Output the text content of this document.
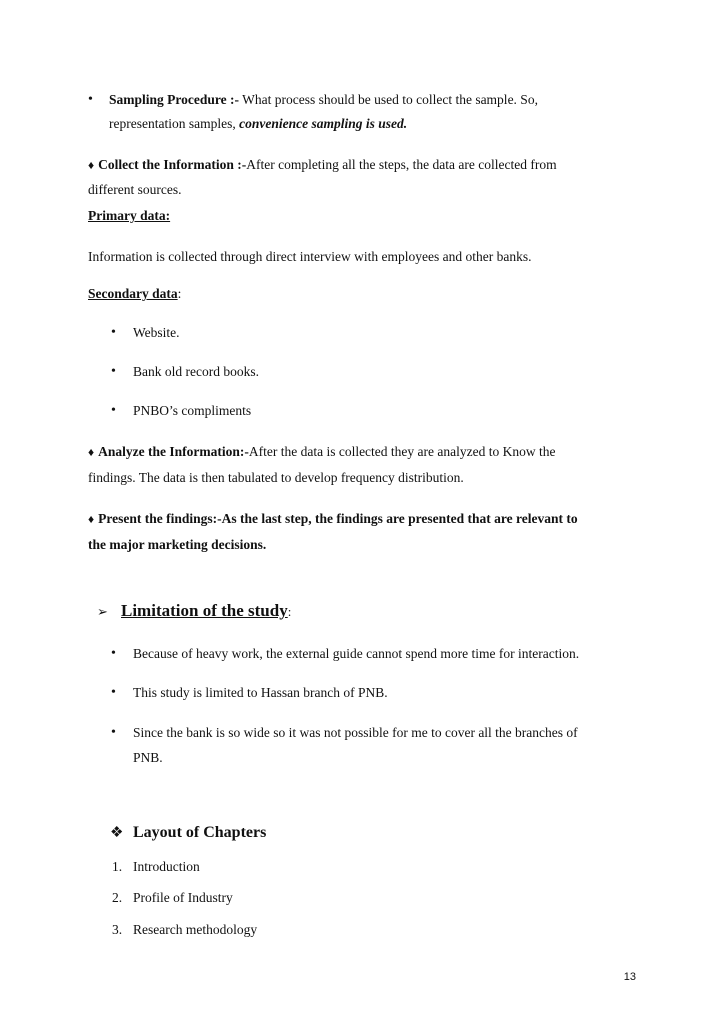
• Sampling Procedure :- What process should be used to collect the sample. So,
representation samples, convenience sampling is used.
♦ Collect the Information :-After completing all the steps, the data are collected from
different sources.
Primary data:
Information is collected through direct interview with employees and other banks.
Secondary data:
• Website.
• Bank old record books.
• PNBO’s compliments
♦ Analyze the Information:-After the data is collected they are analyzed to Know the
findings. The data is then tabulated to develop frequency distribution.
♦ Present the findings:-As the last step, the findings are presented that are relevant to
the major marketing decisions.
➢ Limitation of the study:
• Because of heavy work, the external guide cannot spend more time for interaction.
• This study is limited to Hassan branch of PNB.
• Since the bank is so wide so it was not possible for me to cover all the branches of
PNB.
❖ Layout of Chapters
1. Introduction
2. Profile of Industry
3. Research methodology
13
